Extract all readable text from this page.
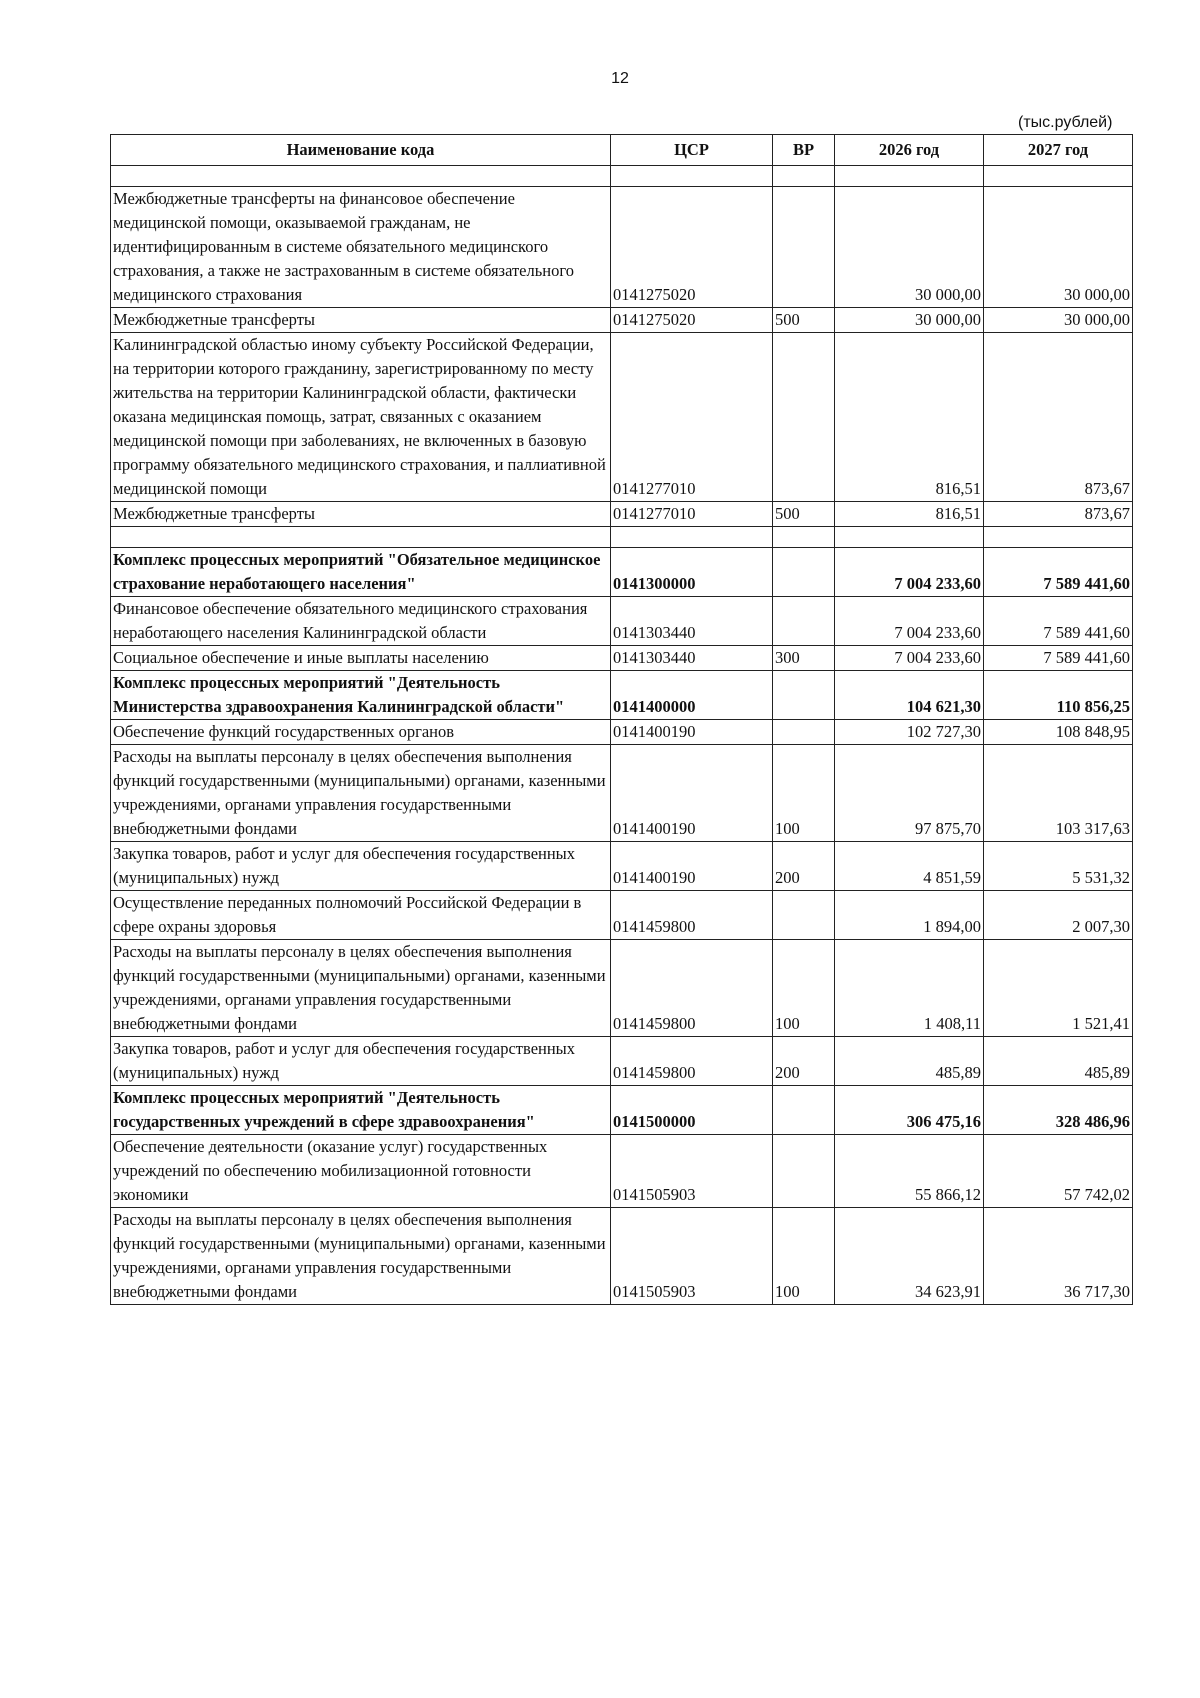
12
(тыс.рублей)
Наименование кода	ЦСР	ВР	2026 год	2027 год

Межбюджетные трансферты на финансовое обеспечение медицинской помощи, оказываемой гражданам, не идентифицированным в системе обязательного медицинского страхования, а также не застрахованным в системе обязательного медицинского страхования	0141275020		30 000,00	30 000,00
Межбюджетные трансферты	0141275020	500	30 000,00	30 000,00
Калининградской областью иному субъекту Российской Федерации, на территории которого гражданину, зарегистрированному по месту жительства на территории Калининградской области, фактически оказана медицинская помощь, затрат, связанных с оказанием медицинской помощи при заболеваниях, не включенных в базовую программу обязательного медицинского страхования, и паллиативной медицинской помощи	0141277010		816,51	873,67
Межбюджетные трансферты	0141277010	500	816,51	873,67

Комплекс процессных мероприятий "Обязательное медицинское страхование неработающего населения"	0141300000		7 004 233,60	7 589 441,60
Финансовое обеспечение обязательного медицинского страхования неработающего населения Калининградской области	0141303440		7 004 233,60	7 589 441,60
Социальное обеспечение и иные выплаты населению	0141303440	300	7 004 233,60	7 589 441,60
Комплекс процессных мероприятий "Деятельность Министерства здравоохранения Калининградской области"	0141400000		104 621,30	110 856,25
Обеспечение функций государственных органов	0141400190		102 727,30	108 848,95
Расходы на выплаты персоналу в целях обеспечения выполнения функций государственными (муниципальными) органами, казенными учреждениями, органами управления государственными внебюджетными фондами	0141400190	100	97 875,70	103 317,63
Закупка товаров, работ и услуг для обеспечения государственных (муниципальных) нужд	0141400190	200	4 851,59	5 531,32
Осуществление переданных полномочий Российской Федерации в сфере охраны здоровья	0141459800		1 894,00	2 007,30
Расходы на выплаты персоналу в целях обеспечения выполнения функций государственными (муниципальными) органами, казенными учреждениями, органами управления государственными внебюджетными фондами	0141459800	100	1 408,11	1 521,41
Закупка товаров, работ и услуг для обеспечения государственных (муниципальных) нужд	0141459800	200	485,89	485,89
Комплекс процессных мероприятий "Деятельность государственных учреждений в сфере здравоохранения"	0141500000		306 475,16	328 486,96
Обеспечение деятельности (оказание услуг) государственных учреждений по обеспечению мобилизационной готовности экономики	0141505903		55 866,12	57 742,02
Расходы на выплаты персоналу в целях обеспечения выполнения функций государственными (муниципальными) органами, казенными учреждениями, органами управления государственными внебюджетными фондами	0141505903	100	34 623,91	36 717,30
